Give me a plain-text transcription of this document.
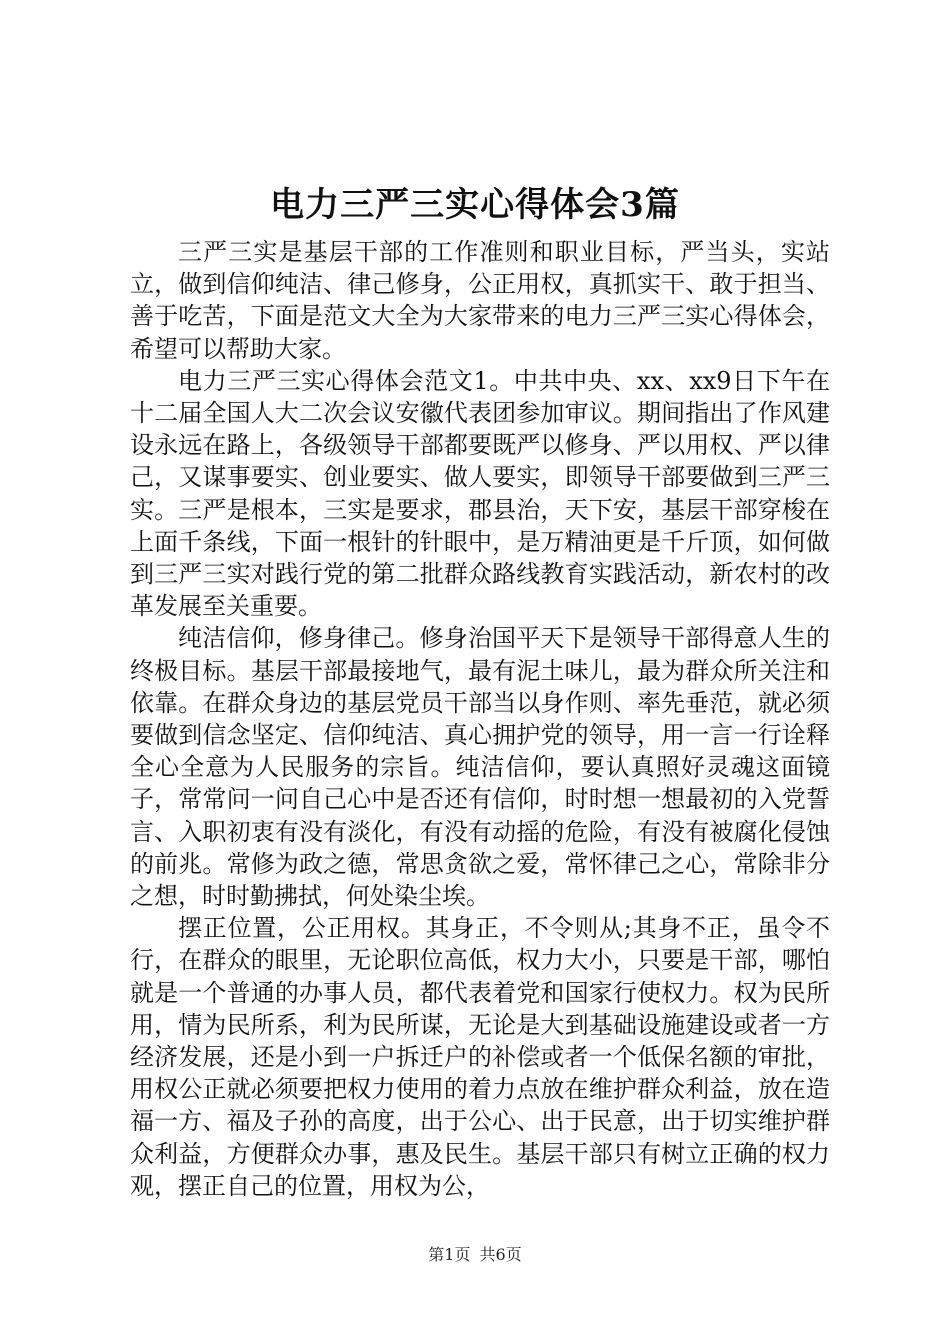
电力三严三实心得体会3篇

三严三实是基层干部的工作准则和职业目标，严当头，实站立，做到信仰纯洁、律己修身，公正用权，真抓实干、敢于担当、善于吃苦，下面是范文大全为大家带来的电力三严三实心得体会，希望可以帮助大家。

电力三严三实心得体会范文1。中共中央、xx、xx9日下午在十二届全国人大二次会议安徽代表团参加审议。期间指出了作风建设永远在路上，各级领导干部都要既严以修身、严以用权、严以律己，又谋事要实、创业要实、做人要实，即领导干部要做到三严三实。三严是根本，三实是要求，郡县治，天下安，基层干部穿梭在上面千条线，下面一根针的针眼中，是万精油更是千斤顶，如何做到三严三实对践行党的第二批群众路线教育实践活动，新农村的改革发展至关重要。

纯洁信仰，修身律己。修身治国平天下是领导干部得意人生的终极目标。基层干部最接地气，最有泥土味儿，最为群众所关注和依靠。在群众身边的基层党员干部当以身作则、率先垂范，就必须要做到信念坚定、信仰纯洁、真心拥护党的领导，用一言一行诠释全心全意为人民服务的宗旨。纯洁信仰，要认真照好灵魂这面镜子，常常问一问自己心中是否还有信仰，时时想一想最初的入党誓言、入职初衷有没有淡化，有没有动摇的危险，有没有被腐化侵蚀的前兆。常修为政之德，常思贪欲之爱，常怀律己之心，常除非分之想，时时勤拂拭，何处染尘埃。

摆正位置，公正用权。其身正，不令则从;其身不正，虽令不行，在群众的眼里，无论职位高低，权力大小，只要是干部，哪怕就是一个普通的办事人员，都代表着党和国家行使权力。权为民所用，情为民所系，利为民所谋，无论是大到基础设施建设或者一方经济发展，还是小到一户拆迁户的补偿或者一个低保名额的审批，用权公正就必须要把权力使用的着力点放在维护群众利益，放在造福一方、福及子孙的高度，出于公心、出于民意，出于切实维护群众利益，方便群众办事，惠及民生。基层干部只有树立正确的权力观，摆正自己的位置，用权为公，

第1页 共6页
